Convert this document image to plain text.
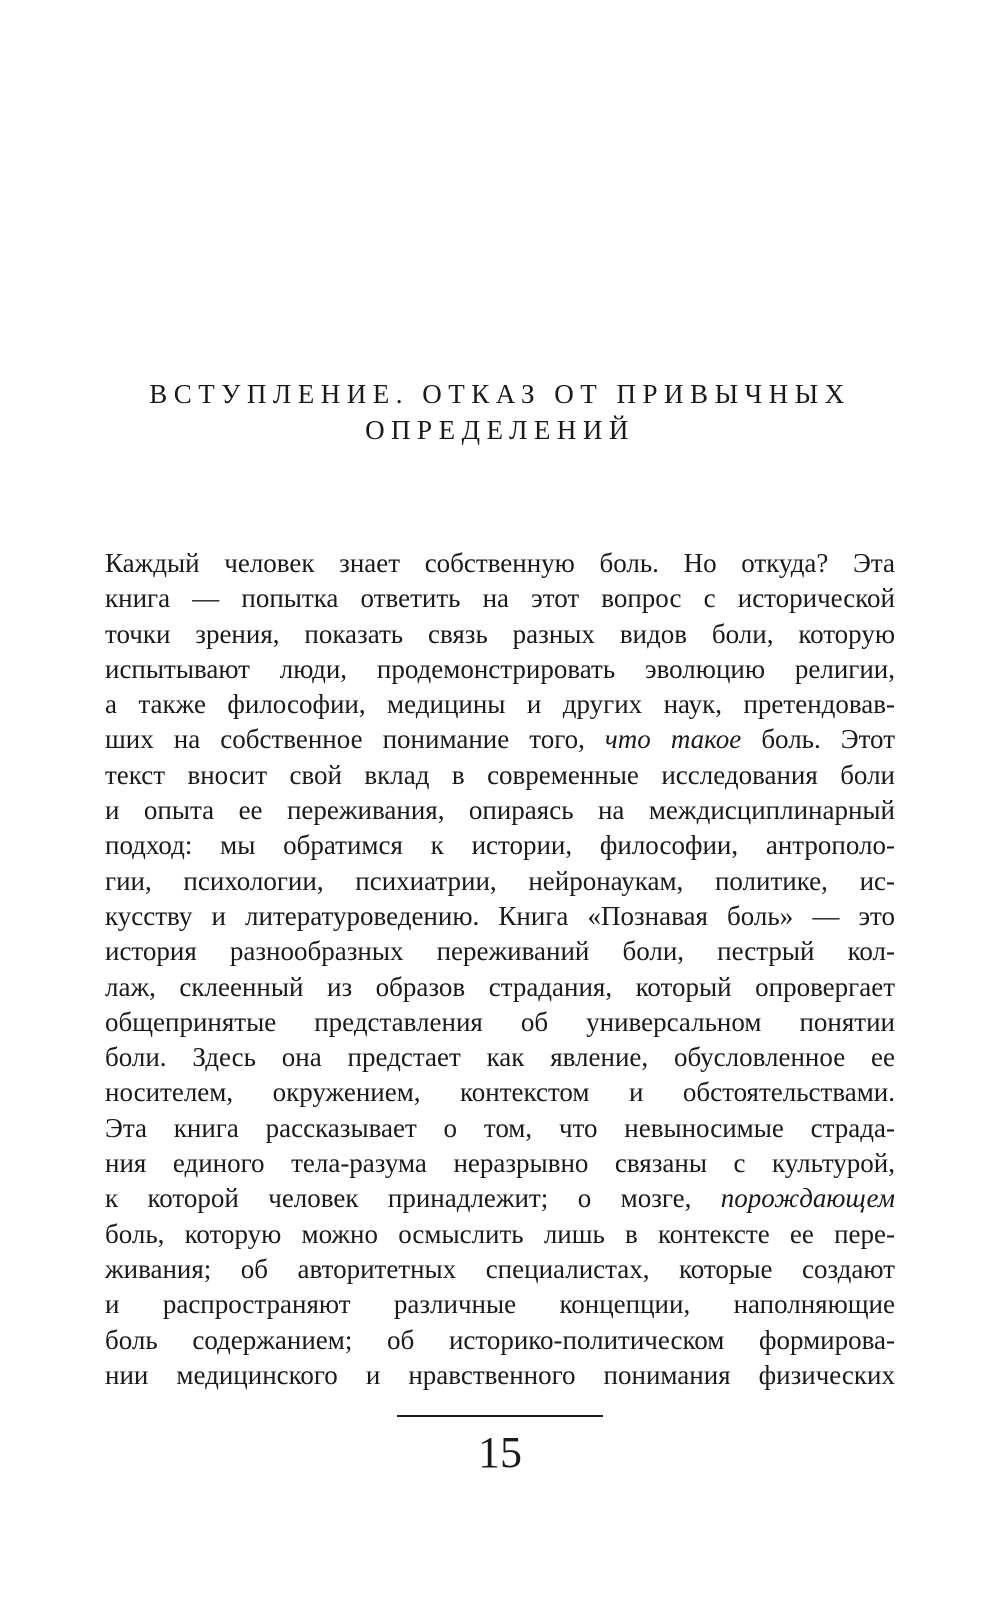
ВСТУПЛЕНИЕ. ОТКАЗ ОТ ПРИВЫЧНЫХ
ОПРЕДЕЛЕНИЙ
Каждый человек знает собственную боль. Но откуда? Эта
книга — попытка ответить на этот вопрос с исторической
точки зрения, показать связь разных видов боли, которую
испытывают люди, продемонстрировать эволюцию религии,
а также философии, медицины и других наук, претендовав-
ших на собственное понимание того, что такое боль. Этот
текст вносит свой вклад в современные исследования боли
и опыта ее переживания, опираясь на междисциплинарный
подход: мы обратимся к истории, философии, антрополо-
гии, психологии, психиатрии, нейронаукам, политике, ис-
кусству и литературоведению. Книга «Познавая боль» — это
история разнообразных переживаний боли, пестрый кол-
лаж, склеенный из образов страдания, который опровергает
общепринятые представления об универсальном понятии
боли. Здесь она предстает как явление, обусловленное ее
носителем, окружением, контекстом и обстоятельствами.
Эта книга рассказывает о том, что невыносимые страда-
ния единого тела-разума неразрывно связаны с культурой,
к которой человек принадлежит; о мозге, порождающем
боль, которую можно осмыслить лишь в контексте ее пере-
живания; об авторитетных специалистах, которые создают
и распространяют различные концепции, наполняющие
боль содержанием; об историко-политическом формирова-
нии медицинского и нравственного понимания физических
15
